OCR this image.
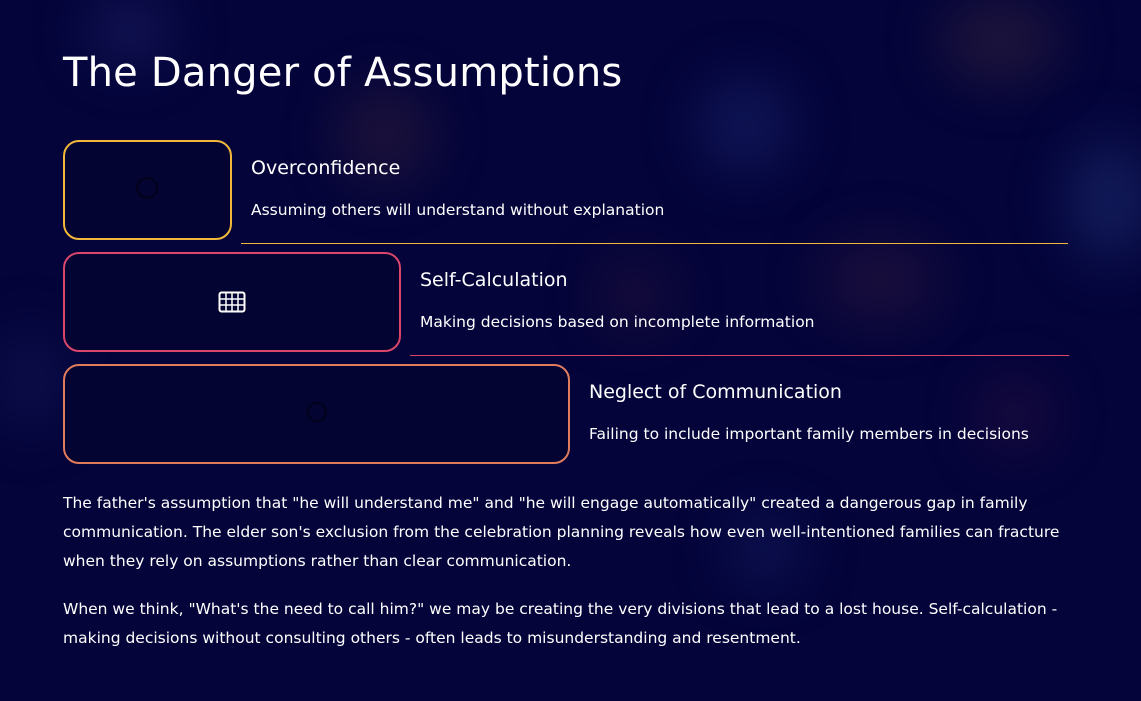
The Danger of Assumptions
Overconfidence

Assuming others will understand without explanation

Self-Calculation

Making decisions based on incomplete information

Neglect of Communication

Failing to include important family members in decisions

The father's assumption that "he will understand me" and "he will engage automatically" created a dangerous gap in family communication. The elder son's exclusion from the celebration planning reveals how even well-intentioned families can fracture when they rely on assumptions rather than clear communication.

When we think, "What's the need to call him?" we may be creating the very divisions that lead to a lost house. Self-calculation - making decisions without consulting others - often leads to misunderstanding and resentment.
